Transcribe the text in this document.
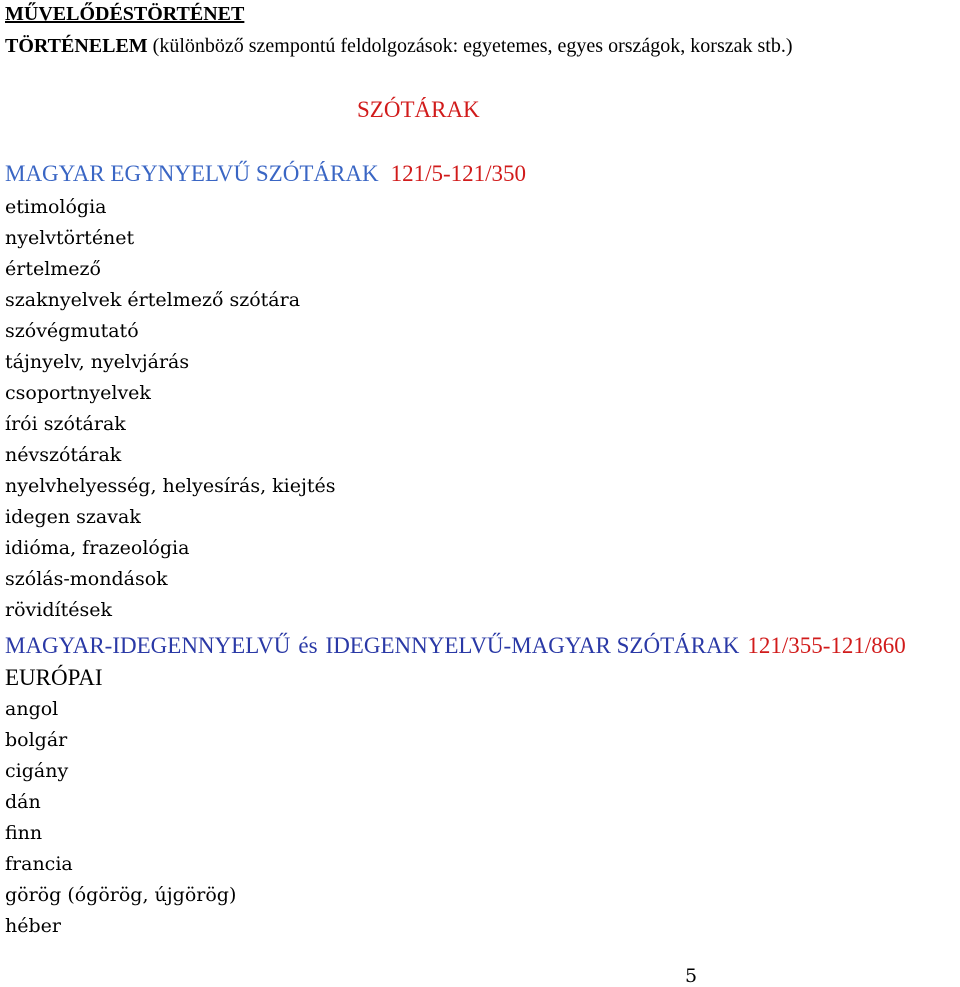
MŰVELŐDÉSTÖRTÉNET
TÖRTÉNELEM (különböző szempontú feldolgozások: egyetemes, egyes országok, korszak stb.)
SZÓTÁRAK
MAGYAR EGYNYELVŰ SZÓTÁRAK 121/5-121/350
etimológia
nyelvtörténet
értelmező
szaknyelvek értelmező szótára
szóvégmutató
tájnyelv, nyelvjárás
csoportnyelvek
írói szótárak
névszótárak
nyelvhelyesség, helyesírás, kiejtés
idegen szavak
idióma, frazeológia
szólás-mondások
rövidítések
MAGYAR-IDEGENNYELVŰ és IDEGENNYELVŰ-MAGYAR SZÓTÁRAK 121/355-121/860
EURÓPAI
angol
bolgár
cigány
dán
finn
francia
görög (ógörög, újgörög)
héber
5
